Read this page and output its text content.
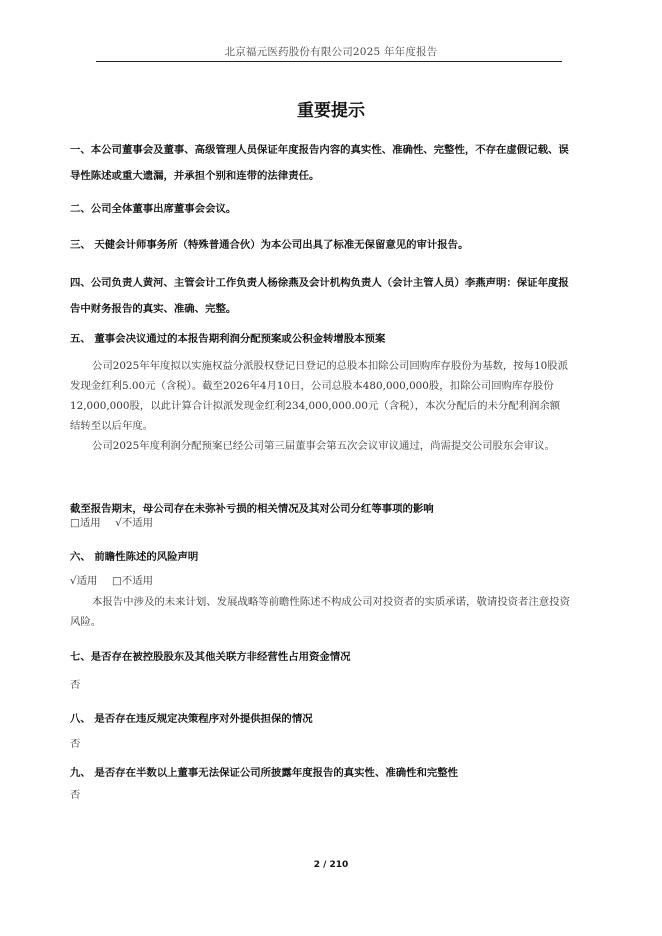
北京福元医药股份有限公司2025 年年度报告
重要提示

一、本公司董事会及董事、高级管理人员保证年度报告内容的真实性、准确性、完整性，不存在虚假记载、误导性陈述或重大遗漏，并承担个别和连带的法律责任。

二、公司全体董事出席董事会会议。

三、 天健会计师事务所（特殊普通合伙）为本公司出具了标准无保留意见的审计报告。

四、公司负责人黄河、主管会计工作负责人杨徐燕及会计机构负责人（会计主管人员）李燕声明：保证年度报告中财务报告的真实、准确、完整。

五、 董事会决议通过的本报告期利润分配预案或公积金转增股本预案

公司2025年年度拟以实施权益分派股权登记日登记的总股本扣除公司回购库存股份为基数，按每10股派发现金红利5.00元（含税）。截至2026年4月10日，公司总股本480,000,000股，扣除公司回购库存股份12,000,000股，以此计算合计拟派发现金红利234,000,000.00元（含税），本次分配后的未分配利润余额结转至以后年度。

公司2025年度利润分配预案已经公司第三届董事会第五次会议审议通过，尚需提交公司股东会审议。

截至报告期末，母公司存在未弥补亏损的相关情况及其对公司分红等事项的影响

□适用 √不适用

六、 前瞻性陈述的风险声明

√适用 □不适用

本报告中涉及的未来计划、发展战略等前瞻性陈述不构成公司对投资者的实质承诺，敬请投资者注意投资风险。

七、是否存在被控股股东及其他关联方非经营性占用资金情况

否

八、 是否存在违反规定决策程序对外提供担保的情况

否

九、 是否存在半数以上董事无法保证公司所披露年度报告的真实性、准确性和完整性

否

2 / 210
